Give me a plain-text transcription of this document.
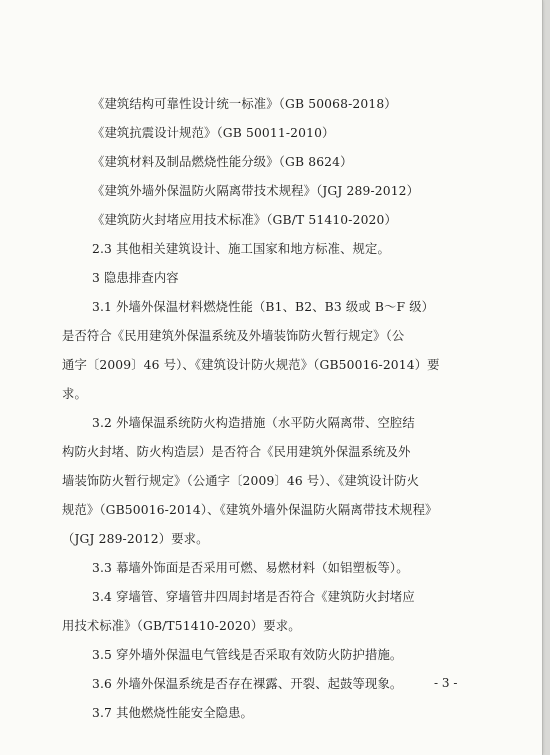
《建筑结构可靠性设计统一标准》（GB 50068-2018）
《建筑抗震设计规范》（GB 50011-2010）
《建筑材料及制品燃烧性能分级》（GB 8624）
《建筑外墙外保温防火隔离带技术规程》（JGJ 289-2012）
《建筑防火封堵应用技术标准》（GB/T 51410-2020）
2.3 其他相关建筑设计、施工国家和地方标准、规定。
3 隐患排查内容
3.1 外墙外保温材料燃烧性能（B1、B2、B3 级或 B～F 级）
是否符合《民用建筑外保温系统及外墙装饰防火暂行规定》（公
通字〔2009〕46 号）、《建筑设计防火规范》（GB50016-2014）要
求。
3.2 外墙保温系统防火构造措施（水平防火隔离带、空腔结
构防火封堵、防火构造层）是否符合《民用建筑外保温系统及外
墙装饰防火暂行规定》（公通字〔2009〕46 号）、《建筑设计防火
规范》（GB50016-2014）、《建筑外墙外保温防火隔离带技术规程》
（JGJ 289-2012）要求。
3.3 幕墙外饰面是否采用可燃、易燃材料（如铝塑板等）。
3.4 穿墙管、穿墙管井四周封堵是否符合《建筑防火封堵应
用技术标准》（GB/T51410-2020）要求。
3.5 穿外墙外保温电气管线是否采取有效防火防护措施。
3.6 外墙外保温系统是否存在裸露、开裂、起鼓等现象。
3.7 其他燃烧性能安全隐患。
- 3 -
